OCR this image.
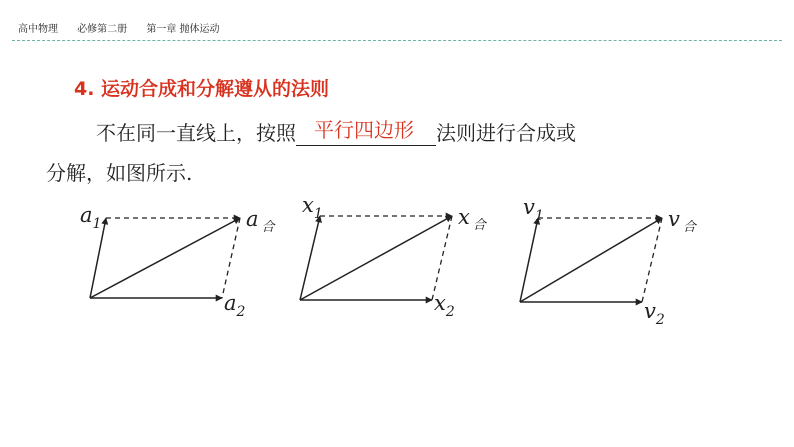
高中物理 必修第二册 第一章 抛体运动
4. 运动合成和分解遵从的法则
不在同一直线上，按照 平行四边形 法则进行合成或
分解，如图所示.
$a_1$
$a_2$
a $_合$
$x_1$
$x_2$
x $_合$
$v_1$
$v_2$
v $_合$
